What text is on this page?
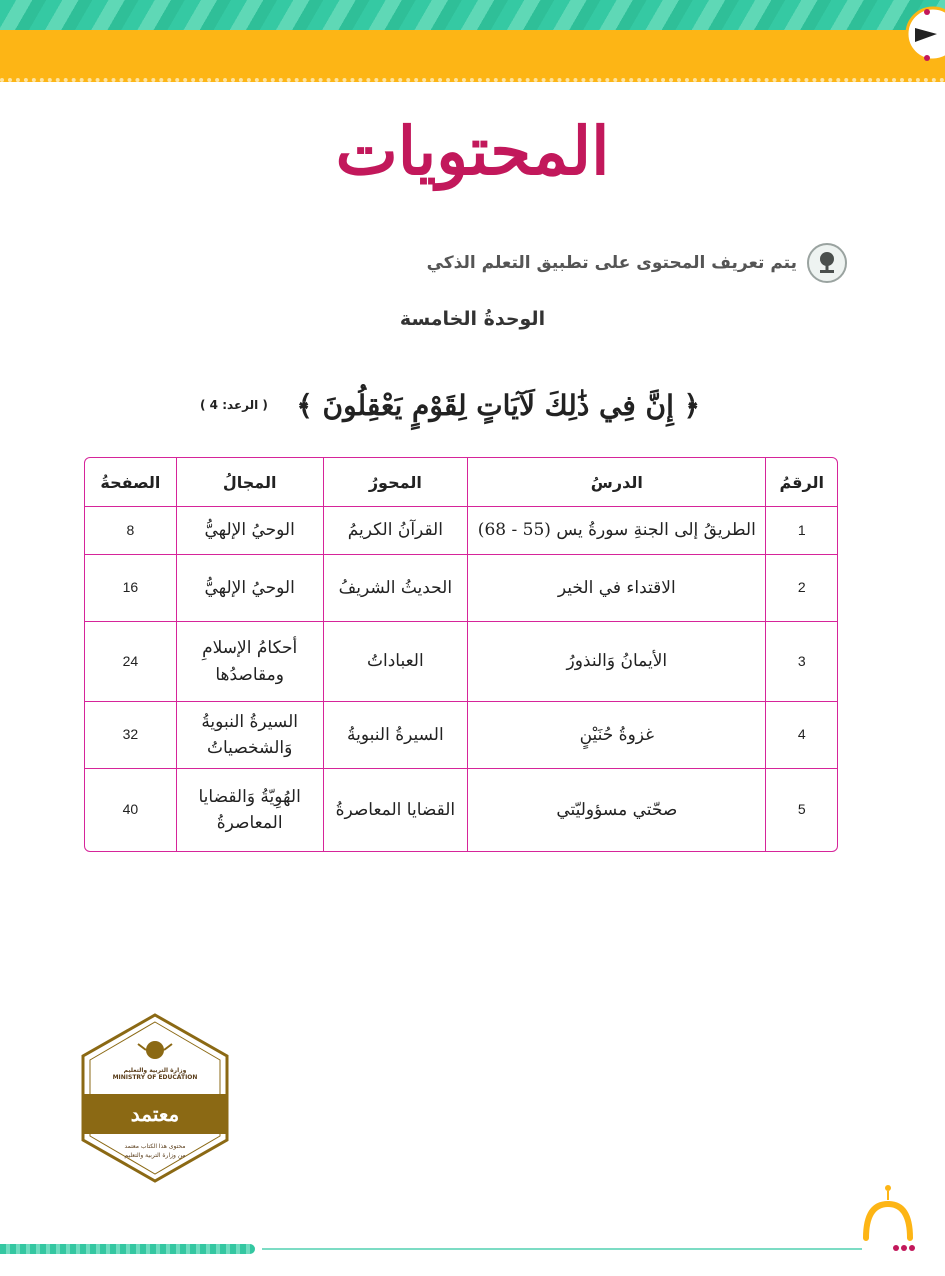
المحتويات
يتم تعريف المحتوى على تطبيق التعلم الذكي
الوحدةُ الخامسة
﴿ إِنَّ فِي ذَٰلِكَ لَآيَاتٍ لِقَوْمٍ يَعْقِلُونَ ﴾
( الرعد: 4 )
الرقمُ	الدرسُ	المحورُ	المجالُ	الصفحةُ
1	الطريقُ إلى الجنةِ سورةُ يس (55 - 68)	القرآنُ الكريمُ	الوحيُ الإلهيُّ	8
2	الاقتداء في الخير	الحديثُ الشريفُ	الوحيُ الإلهيُّ	16
3	الأيمانُ وَالنذورُ	العباداتُ	أحكامُ الإسلامِ ومقاصدُها	24
4	غزوةُ حُنَيْنٍ	السيرةُ النبويةُ	السيرةُ النبويةُ وَالشخصياتُ	32
5	صحّتي مسؤوليّتي	القضايا المعاصرةُ	الهُوِيّةُ وَالقضايا المعاصرةُ	40
وزارة التربية والتعليم
MINISTRY OF EDUCATION
معتمد
محتوى هذا الكتاب معتمد
من وزارة التربية والتعليم
